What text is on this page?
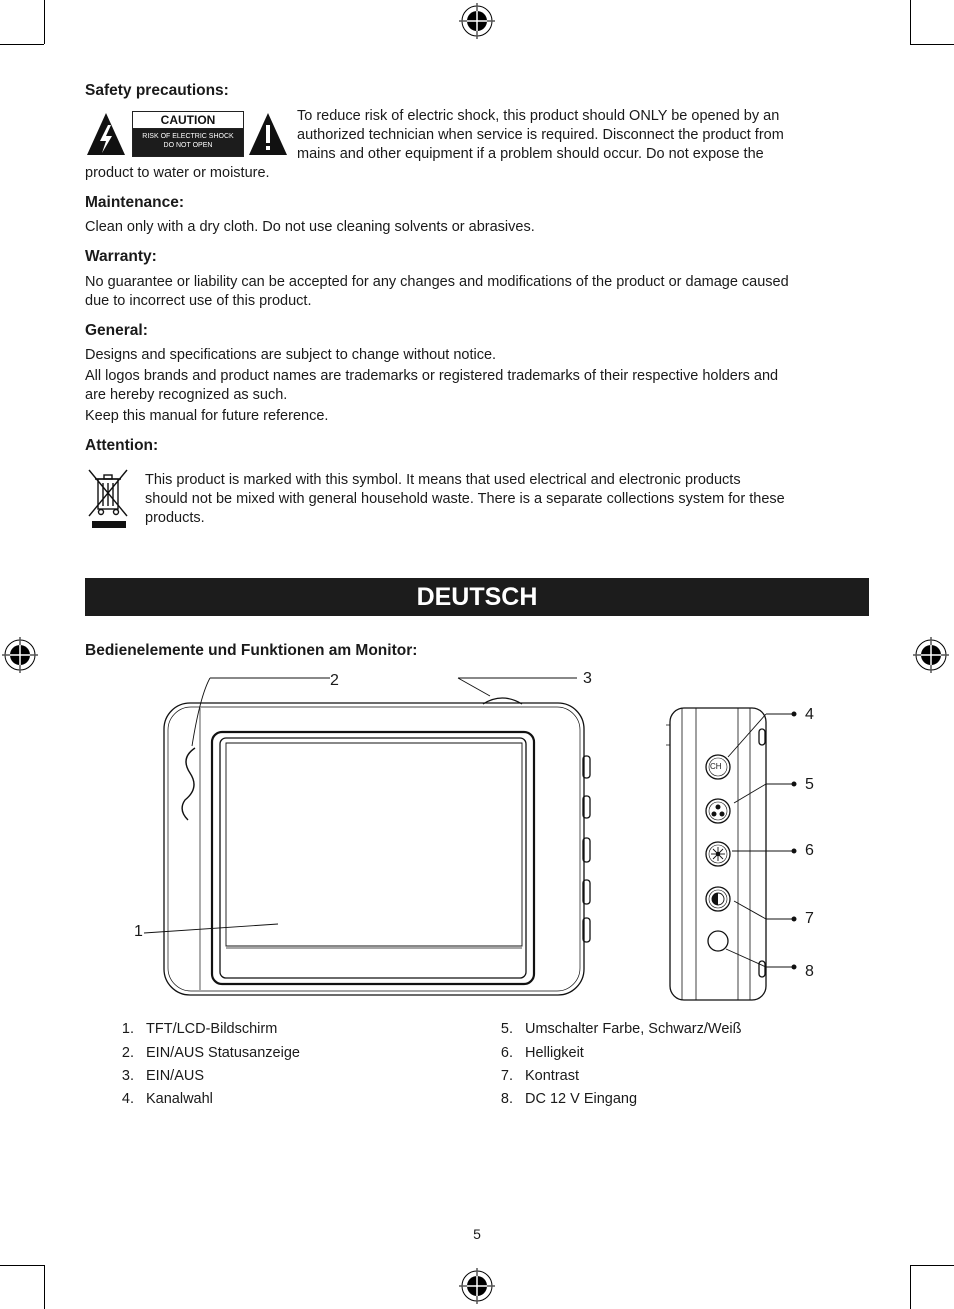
Safety precautions:
CAUTION
RISK OF ELECTRIC SHOCK
DO NOT OPEN
To reduce risk of electric shock, this product should ONLY be opened by an
authorized technician when service is required. Disconnect the product from
mains and other equipment if a problem should occur. Do not expose the
product to water or moisture.
Maintenance:
Clean only with a dry cloth. Do not use cleaning solvents or abrasives.
Warranty:
No guarantee or liability can be accepted for any changes and modifications of the product or damage caused
due to incorrect use of this product.
General:
Designs and specifications are subject to change without notice.
All logos brands and product names are trademarks or registered trademarks of their respective holders and
are hereby recognized as such.
Keep this manual for future reference.
Attention:
This product is marked with this symbol. It means that used electrical and electronic products
should not be mixed with general household waste. There is a separate collections system for these
products.
DEUTSCH
Bedienelemente und Funktionen am Monitor:
CH
1
2	3
4
5
6
7
8
1. TFT/LCD-Bildschirm
2. EIN/AUS Statusanzeige
3. EIN/AUS
4. Kanalwahl
5. Umschalter Farbe, Schwarz/Weiß
6. Helligkeit
7. Kontrast
8. DC 12 V Eingang
5
